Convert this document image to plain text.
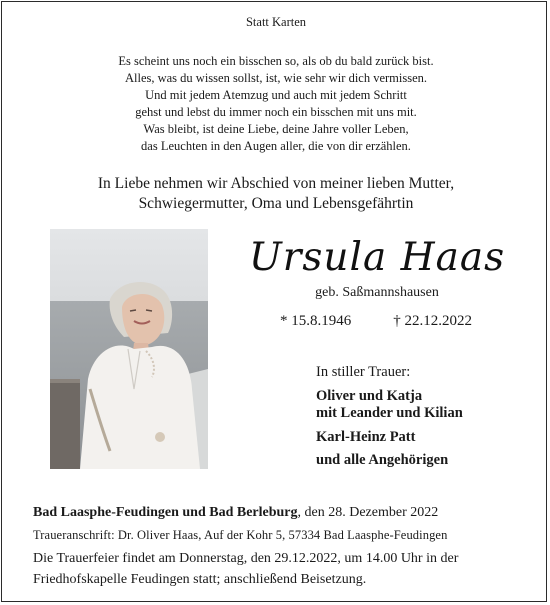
Statt Karten
Es scheint uns noch ein bisschen so, als ob du bald zurück bist.
Alles, was du wissen sollst, ist, wie sehr wir dich vermissen.
Und mit jedem Atemzug und auch mit jedem Schritt
gehst und lebst du immer noch ein bisschen mit uns mit.
Was bleibt, ist deine Liebe, deine Jahre voller Leben,
das Leuchten in den Augen aller, die von dir erzählen.
In Liebe nehmen wir Abschied von meiner lieben Mutter,
Schwiegermutter, Oma und Lebensgefährtin
Ursula Haas
geb. Saßmannshausen
* 15.8.1946	† 22.12.2022
In stiller Trauer:
Oliver und Katja
mit Leander und Kilian
Karl-Heinz Patt
und alle Angehörigen
Bad Laasphe-Feudingen und Bad Berleburg, den 28. Dezember 2022
Traueranschrift: Dr. Oliver Haas, Auf der Kohr 5, 57334 Bad Laasphe-Feudingen
Die Trauerfeier findet am Donnerstag, den 29.12.2022, um 14.00 Uhr in der
Friedhofskapelle Feudingen statt; anschließend Beisetzung.
